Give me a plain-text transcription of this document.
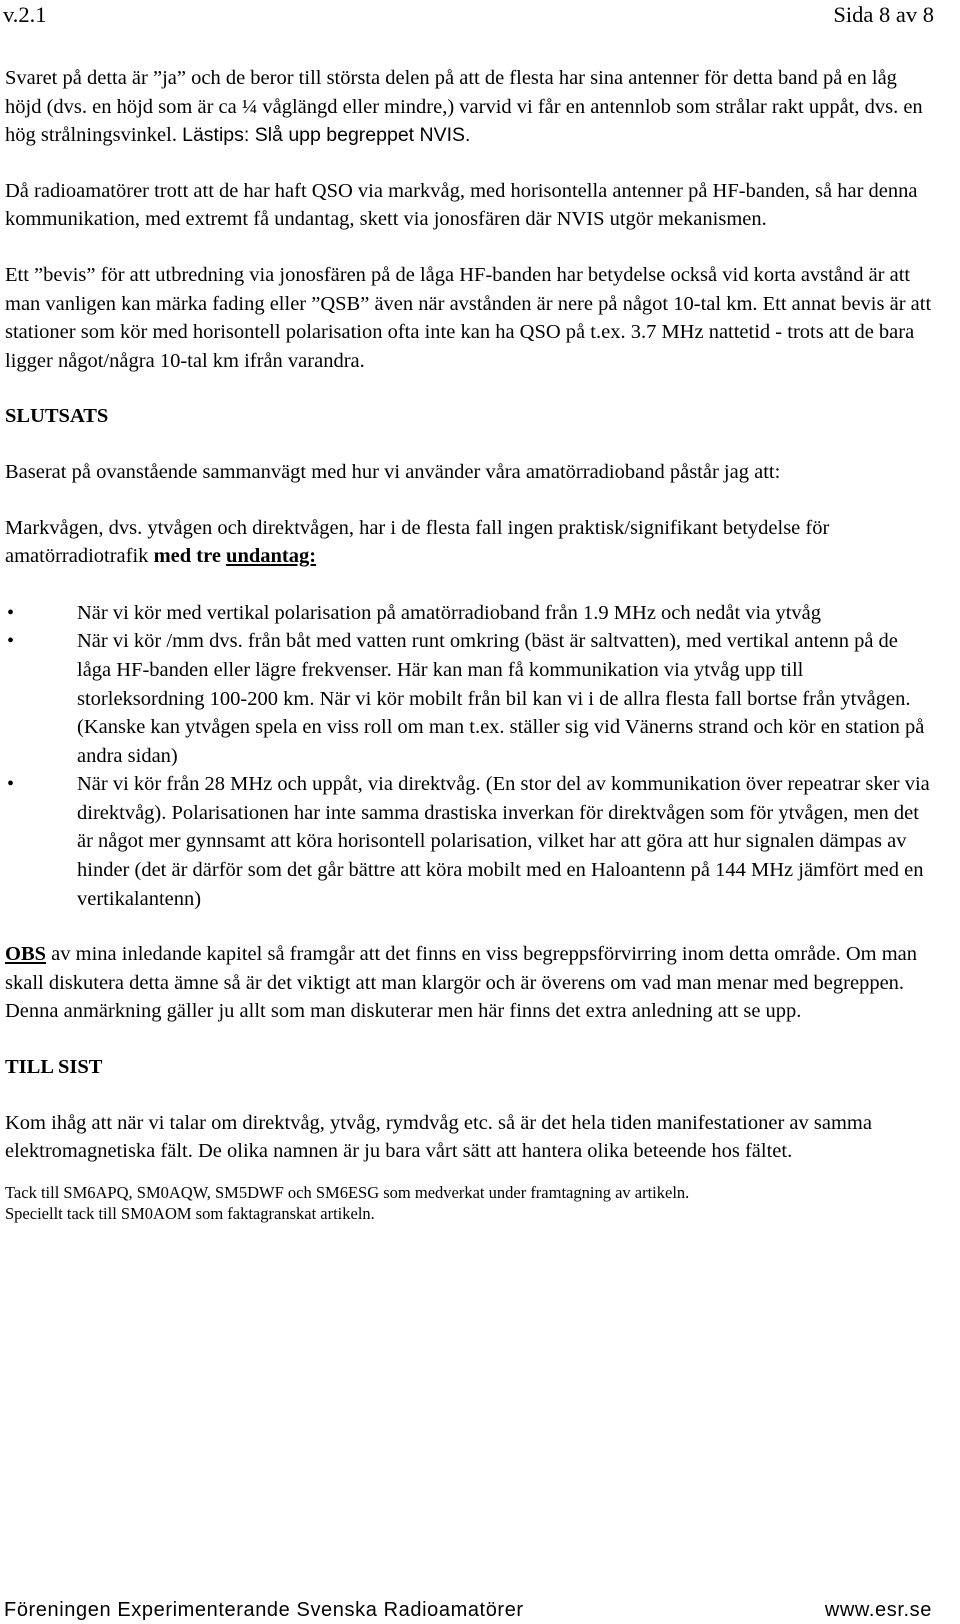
v.2.1	Sida 8 av 8

Svaret på detta är ”ja” och de beror till största delen på att de flesta har sina antenner för detta band på en låg höjd (dvs. en höjd som är ca ¼ våglängd eller mindre,) varvid vi får en antennlob som strålar rakt uppåt, dvs. en hög strålningsvinkel. Lästips: Slå upp begreppet NVIS.

Då radioamatörer trott att de har haft QSO via markvåg, med horisontella antenner på HF-banden, så har denna kommunikation, med extremt få undantag, skett via jonosfären där NVIS utgör mekanismen.

Ett ”bevis” för att utbredning via jonosfären på de låga HF-banden har betydelse också vid korta avstånd är att man vanligen kan märka fading eller ”QSB” även när avstånden är nere på något 10-tal km. Ett annat bevis är att stationer som kör med horisontell polarisation ofta inte kan ha QSO på t.ex. 3.7 MHz nattetid - trots att de bara ligger något/några 10-tal km ifrån varandra.

SLUTSATS

Baserat på ovanstående sammanvägt med hur vi använder våra amatörradioband påstår jag att:

Markvågen, dvs. ytvågen och direktvågen, har i de flesta fall ingen praktisk/signifikant betydelse för amatörradiotrafik med tre undantag:

•	När vi kör med vertikal polarisation på amatörradioband från 1.9 MHz och nedåt via ytvåg
•	När vi kör /mm dvs. från båt med vatten runt omkring (bäst är saltvatten), med vertikal antenn på de låga HF-banden eller lägre frekvenser. Här kan man få kommunikation via ytvåg upp till storleksordning 100-200 km. När vi kör mobilt från bil kan vi i de allra flesta fall bortse från ytvågen. (Kanske kan ytvågen spela en viss roll om man t.ex. ställer sig vid Vänerns strand och kör en station på andra sidan)
•	När vi kör från 28 MHz och uppåt, via direktvåg. (En stor del av kommunikation över repeatrar sker via direktvåg). Polarisationen har inte samma drastiska inverkan för direktvågen som för ytvågen, men det är något mer gynnsamt att köra horisontell polarisation, vilket har att göra att hur signalen dämpas av hinder (det är därför som det går bättre att köra mobilt med en Haloantenn på 144 MHz jämfört med en vertikalantenn)

OBS av mina inledande kapitel så framgår att det finns en viss begreppsförvirring inom detta område. Om man skall diskutera detta ämne så är det viktigt att man klargör och är överens om vad man menar med begreppen. Denna anmärkning gäller ju allt som man diskuterar men här finns det extra anledning att se upp.

TILL SIST

Kom ihåg att när vi talar om direktvåg, ytvåg, rymdvåg etc. så är det hela tiden manifestationer av samma elektromagnetiska fält. De olika namnen är ju bara vårt sätt att hantera olika beteende hos fältet.

Tack till SM6APQ, SM0AQW, SM5DWF och SM6ESG som medverkat under framtagning av artikeln.
Speciellt tack till SM0AOM som faktagranskat artikeln.

Föreningen Experimenterande Svenska Radioamatörer	www.esr.se
